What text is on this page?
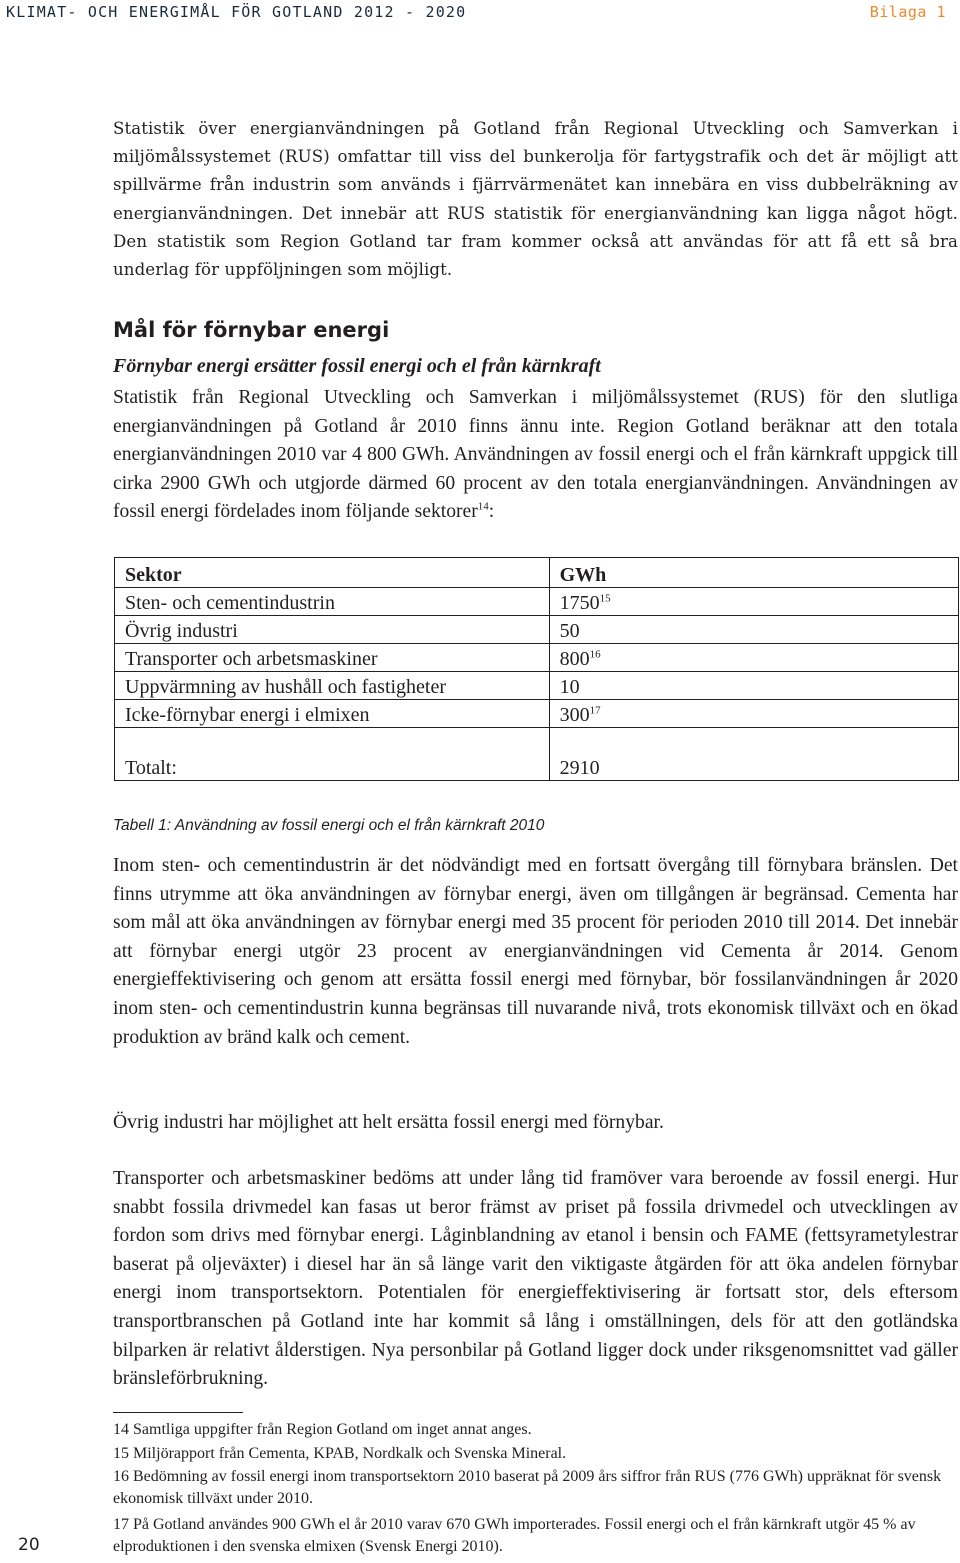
KLIMAT- OCH ENERGIMÅL FÖR GOTLAND 2012 - 2020	Bilaga 1

Statistik över energianvändningen på Gotland från Regional Utveckling och Samverkan i miljömålssystemet (RUS) omfattar till viss del bunkerolja för fartygstrafik och det är möjligt att spillvärme från industrin som används i fjärrvärmenätet kan innebära en viss dubbelräkning av energianvändningen. Det innebär att RUS statistik för energianvändning kan ligga något högt. Den statistik som Region Gotland tar fram kommer också att användas för att få ett så bra underlag för uppföljningen som möjligt.

Mål för förnybar energi
Förnybar energi ersätter fossil energi och el från kärnkraft

Statistik från Regional Utveckling och Samverkan i miljömålssystemet (RUS) för den slutliga energianvändningen på Gotland år 2010 finns ännu inte. Region Gotland beräknar att den totala energianvändningen 2010 var 4 800 GWh. Användningen av fossil energi och el från kärnkraft uppgick till cirka 2900 GWh och utgjorde därmed 60 procent av den totala energianvändningen. Användningen av fossil energi fördelades inom följande sektorer$^{14}$:

Sektor	GWh
Sten- och cementindustrin	1750$^{15}$
Övrig industri	50
Transporter och arbetsmaskiner	$800^{16}$
Uppvärmning av hushåll och fastigheter	10
Icke-förnybar energi i elmixen	$300^{17}$
Totalt:	2910

Tabell 1: Användning av fossil energi och el från kärnkraft 2010

Inom sten- och cementindustrin är det nödvändigt med en fortsatt övergång till förnybara bränslen. Det finns utrymme att öka användningen av förnybar energi, även om tillgången är begränsad. Cementa har som mål att öka användningen av förnybar energi med 35 procent för perioden 2010 till 2014. Det innebär att förnybar energi utgör 23 procent av energianvändningen vid Cementa år 2014. Genom energieffektivisering och genom att ersätta fossil energi med förnybar, bör fossilanvändningen år 2020 inom sten- och cementindustrin kunna begränsas till nuvarande nivå, trots ekonomisk tillväxt och en ökad produktion av bränd kalk och cement.

Övrig industri har möjlighet att helt ersätta fossil energi med förnybar.

Transporter och arbetsmaskiner bedöms att under lång tid framöver vara beroende av fossil energi. Hur snabbt fossila drivmedel kan fasas ut beror främst av priset på fossila drivmedel och utvecklingen av fordon som drivs med förnybar energi. Låginblandning av etanol i bensin och FAME (fettsyrametylestrar baserat på oljeväxter) i diesel har än så länge varit den viktigaste åtgärden för att öka andelen förnybar energi inom transportsektorn. Potentialen för energieffektivisering är fortsatt stor, dels eftersom transportbranschen på Gotland inte har kommit så lång i omställningen, dels för att den gotländska bilparken är relativt ålderstigen. Nya personbilar på Gotland ligger dock under riksgenomsnittet vad gäller bränsleförbrukning.

14 Samtliga uppgifter från Region Gotland om inget annat anges.

15 Miljörapport från Cementa, KPAB, Nordkalk och Svenska Mineral.

16 Bedömning av fossil energi inom transportsektorn 2010 baserat på 2009 års siffror från RUS (776 GWh) uppräknat för svensk ekonomisk tillväxt under 2010.

17 På Gotland användes 900 GWh el år 2010 varav 670 GWh importerades. Fossil energi och el från kärnkraft utgör 45 % av elproduktionen i den svenska elmixen (Svensk Energi 2010).

20
